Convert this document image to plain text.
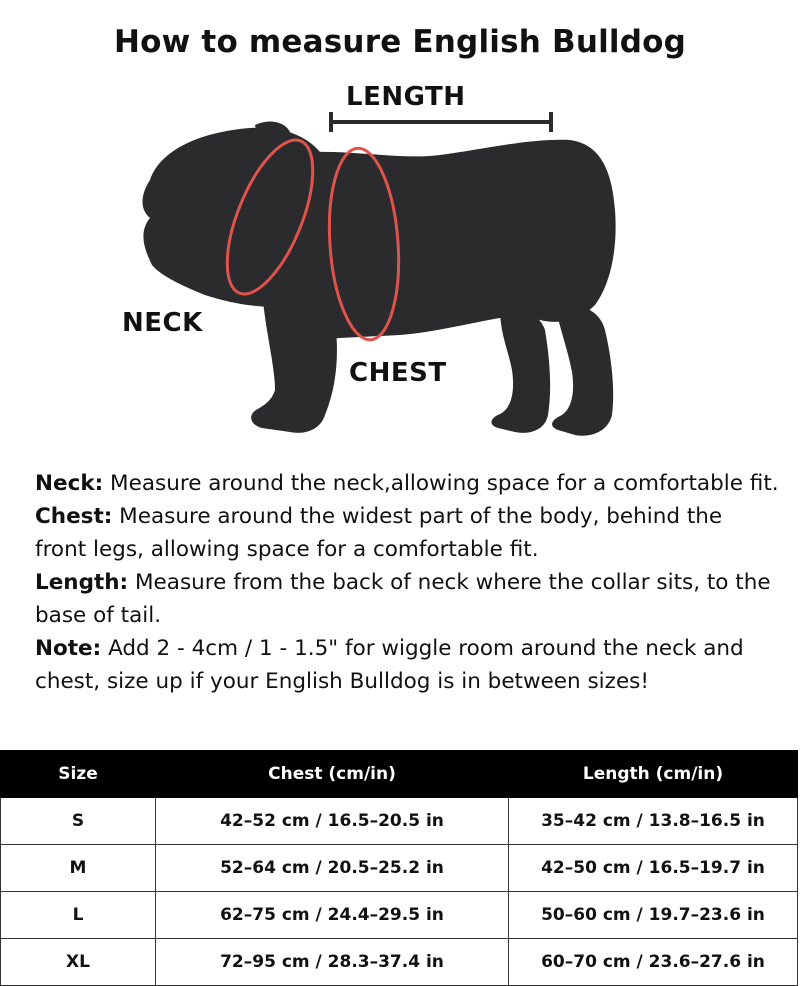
How to measure English Bulldog
LENGTH
NECK
CHEST

Neck: Measure around the neck,allowing space for a comfortable fit.

Chest: Measure around the widest part of the body, behind the front legs, allowing space for a comfortable fit.

Length: Measure from the back of neck where the collar sits, to the base of tail.

Note: Add 2 - 4cm / 1 - 1.5" for wiggle room around the neck and chest, size up if your English Bulldog is in between sizes!

Size	Chest (cm/in)	Length (cm/in)
S	42–52 cm / 16.5–20.5 in	35–42 cm / 13.8–16.5 in
M	52–64 cm / 20.5–25.2 in	42–50 cm / 16.5–19.7 in
L	62–75 cm / 24.4–29.5 in	50–60 cm / 19.7–23.6 in
XL	72–95 cm / 28.3–37.4 in	60–70 cm / 23.6–27.6 in
